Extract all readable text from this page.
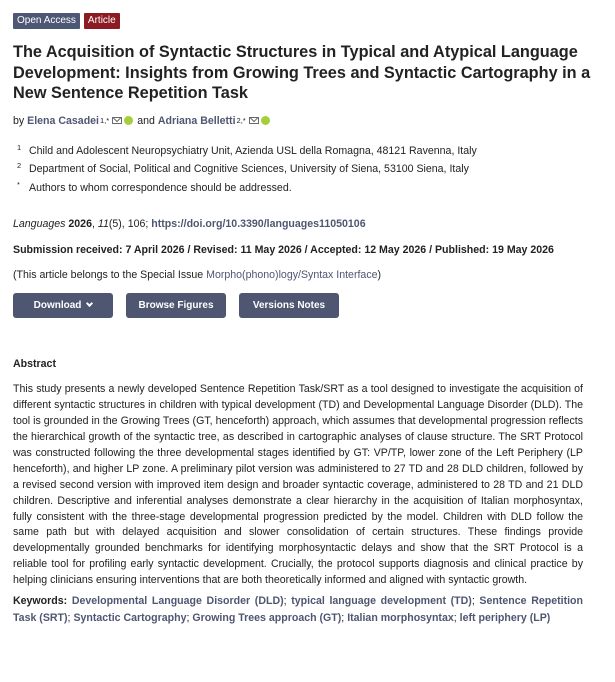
Open Access	Article
The Acquisition of Syntactic Structures in Typical and Atypical Language Development: Insights from Growing Trees and Syntactic Cartography in a New Sentence Repetition Task
by
Elena Casadei 1,*	and
Adriana Belletti 2,*
1 Child and Adolescent Neuropsychiatry Unit, Azienda USL della Romagna, 48121 Ravenna, Italy
2 Department of Social, Political and Cognitive Sciences, University of Siena, 53100 Siena, Italy
* Authors to whom correspondence should be addressed.
Languages 2026, 11(5), 106; https://doi.org/10.3390/languages11050106
Submission received: 7 April 2026 / Revised: 11 May 2026 / Accepted: 12 May 2026 / Published: 19 May 2026
(This article belongs to the Special Issue Morpho(phono)logy/Syntax Interface)
Download	Browse Figures	Versions Notes
Abstract

This study presents a newly developed Sentence Repetition Task/SRT as a tool designed to investigate the acquisition of different syntactic structures in children with typical development (TD) and Developmental Language Disorder (DLD). The tool is grounded in the Growing Trees (GT, henceforth) approach, which assumes that developmental progression reflects the hierarchical growth of the syntactic tree, as described in cartographic analyses of clause structure. The SRT Protocol was constructed following the three developmental stages identified by GT: VP/TP, lower zone of the Left Periphery (LP henceforth), and higher LP zone. A preliminary pilot version was administered to 27 TD and 28 DLD children, followed by a revised second version with improved item design and broader syntactic coverage, administered to 28 TD and 21 DLD children. Descriptive and inferential analyses demonstrate a clear hierarchy in the acquisition of Italian morphosyntax, fully consistent with the three-stage developmental progression predicted by the model. Children with DLD follow the same path but with delayed acquisition and slower consolidation of certain structures. These findings provide developmentally grounded benchmarks for identifying morphosyntactic delays and show that the SRT Protocol is a reliable tool for profiling early syntactic development. Crucially, the protocol supports diagnosis and clinical practice by helping clinicians ensuring interventions that are both theoretically informed and aligned with syntactic growth.

Keywords: Developmental Language Disorder (DLD); typical language development (TD); Sentence Repetition Task (SRT); Syntactic Cartography; Growing Trees approach (GT); Italian morphosyntax; left periphery (LP)
